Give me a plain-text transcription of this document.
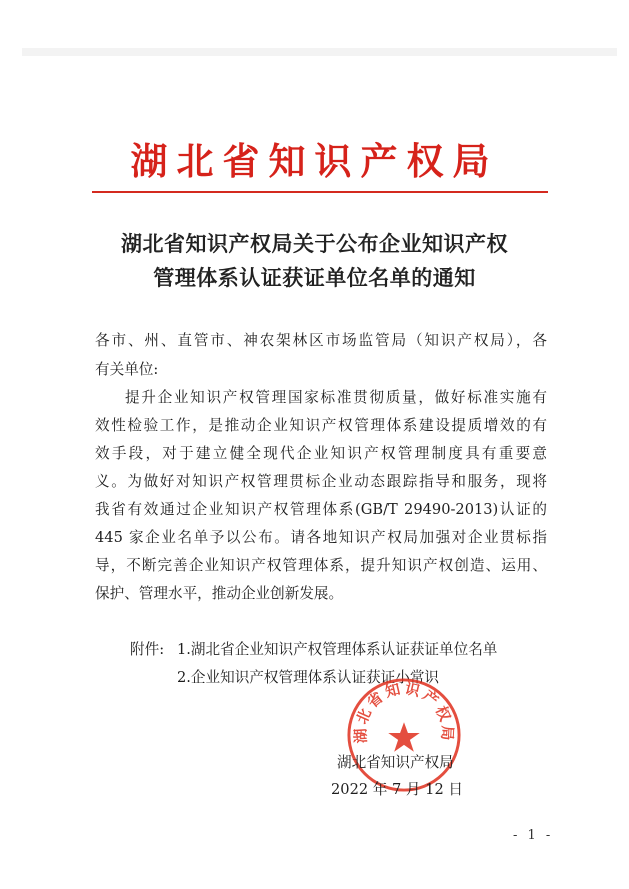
湖北省知识产权局
湖北省知识产权局关于公布企业知识产权
管理体系认证获证单位名单的通知
各市、州、直管市、神农架林区市场监管局（知识产权局），各
有关单位:
提升企业知识产权管理国家标准贯彻质量，做好标准实施有
效性检验工作，是推动企业知识产权管理体系建设提质增效的有
效手段，对于建立健全现代企业知识产权管理制度具有重要意
义。为做好对知识产权管理贯标企业动态跟踪指导和服务，现将
我省有效通过企业知识产权管理体系(GB/T 29490-2013)认证的
445 家企业名单予以公布。请各地知识产权局加强对企业贯标指
导，不断完善企业知识产权管理体系，提升知识产权创造、运用、
保护、管理水平，推动企业创新发展。
附件: 1.湖北省企业知识产权管理体系认证获证单位名单
2.企业知识产权管理体系认证获证小常识
湖北省知识产权局
湖北省知识产权局
2022 年 7 月 12 日
- 1 -
